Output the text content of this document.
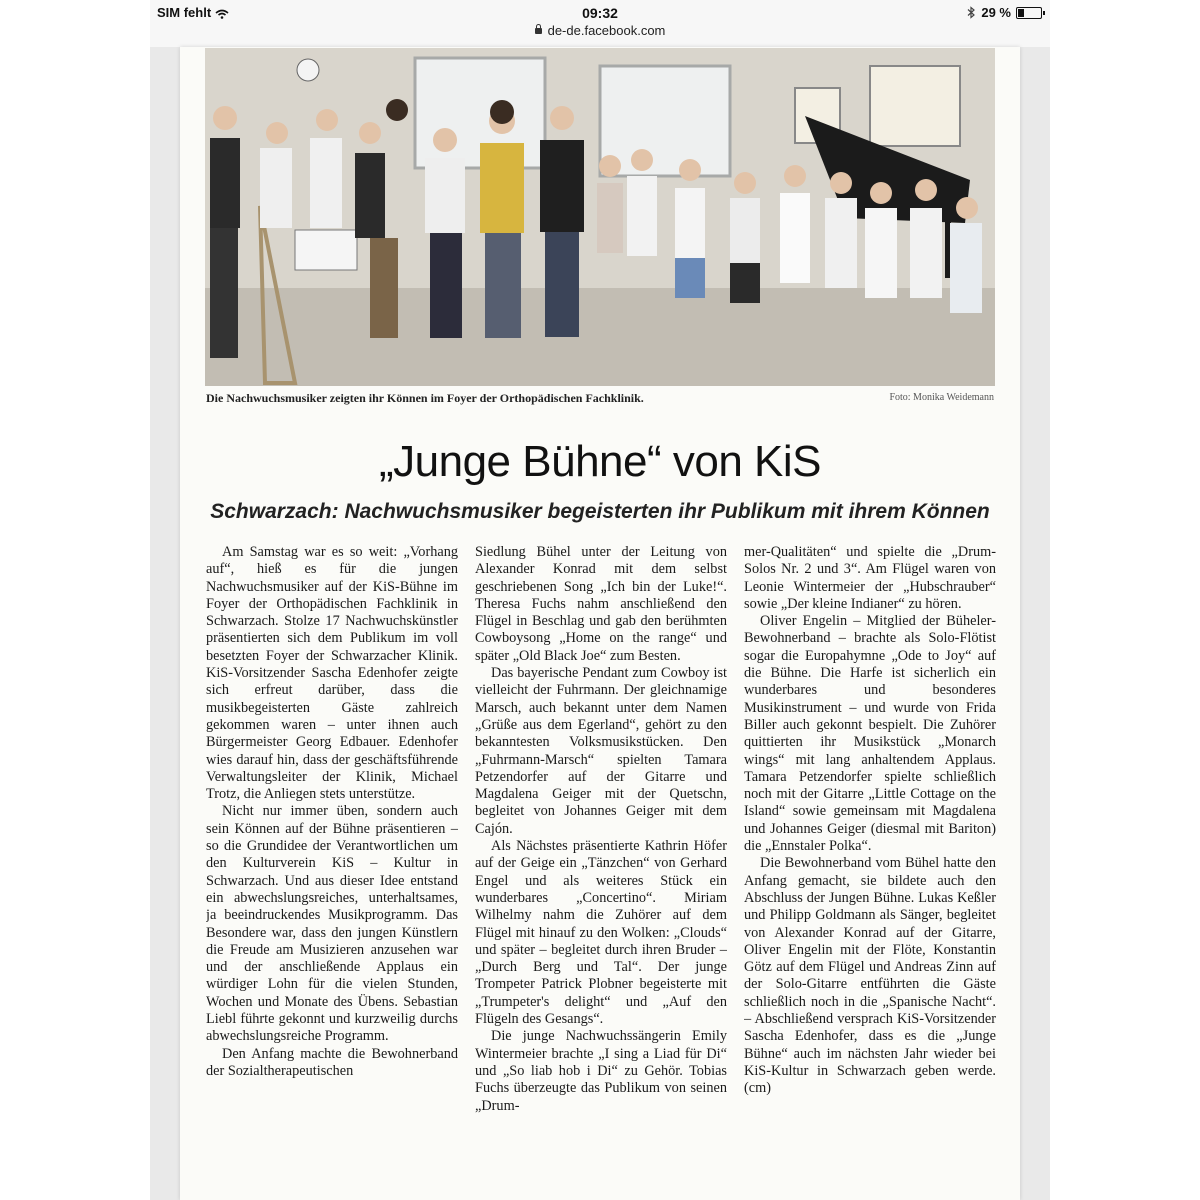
SIM fehlt	09:32	29 %
de-de.facebook.com
Die Nachwuchsmusiker zeigten ihr Können im Foyer der Orthopädischen Fachklinik.	Foto: Monika Weidemann
„Junge Bühne“ von KiS
Schwarzach: Nachwuchsmusiker begeisterten ihr Publikum mit ihrem Können

Am Samstag war es so weit: „Vorhang auf“, hieß es für die jungen Nachwuchsmusiker auf der KiS-Bühne im Foyer der Orthopädischen Fachklinik in Schwarzach. Stolze 17 Nachwuchskünstler präsentierten sich dem Publikum im voll besetzten Foyer der Schwarzacher Klinik. KiS-Vorsitzender Sascha Edenhofer zeigte sich erfreut darüber, dass die musikbegeisterten Gäste zahlreich gekommen waren – unter ihnen auch Bürgermeister Georg Edbauer. Edenhofer wies darauf hin, dass der geschäftsführende Verwaltungsleiter der Klinik, Michael Trotz, die Anliegen stets unterstütze.

Nicht nur immer üben, sondern auch sein Können auf der Bühne präsentieren – so die Grundidee der Verantwortlichen um den Kulturverein KiS – Kultur in Schwarzach. Und aus dieser Idee entstand ein abwechslungsreiches, unterhaltsames, ja beeindruckendes Musikprogramm. Das Besondere war, dass den jungen Künstlern die Freude am Musizieren anzusehen war und der anschließende Applaus ein würdiger Lohn für die vielen Stunden, Wochen und Monate des Übens. Sebastian Liebl führte gekonnt und kurzweilig durchs abwechslungsreiche Programm.

Den Anfang machte die Bewohnerband der Sozialtherapeutischen

Siedlung Bühel unter der Leitung von Alexander Konrad mit dem selbst geschriebenen Song „Ich bin der Luke!“. Theresa Fuchs nahm anschließend den Flügel in Beschlag und gab den berühmten Cowboysong „Home on the range“ und später „Old Black Joe“ zum Besten.

Das bayerische Pendant zum Cowboy ist vielleicht der Fuhrmann. Der gleichnamige Marsch, auch bekannt unter dem Namen „Grüße aus dem Egerland“, gehört zu den bekanntesten Volksmusikstücken. Den „Fuhrmann-Marsch“ spielten Tamara Petzendorfer auf der Gitarre und Magdalena Geiger mit der Quetschn, begleitet von Johannes Geiger mit dem Cajón.

Als Nächstes präsentierte Kathrin Höfer auf der Geige ein „Tänzchen“ von Gerhard Engel und als weiteres Stück ein wunderbares „Concertino“. Miriam Wilhelmy nahm die Zuhörer auf dem Flügel mit hinauf zu den Wolken: „Clouds“ und später – begleitet durch ihren Bruder – „Durch Berg und Tal“. Der junge Trompeter Patrick Plobner begeisterte mit „Trumpeter's delight“ und „Auf den Flügeln des Gesangs“.

Die junge Nachwuchssängerin Emily Wintermeier brachte „I sing a Liad für Di“ und „So liab hob i Di“ zu Gehör. Tobias Fuchs überzeugte das Publikum von seinen „Drum-

mer-Qualitäten“ und spielte die „Drum-Solos Nr. 2 und 3“. Am Flügel waren von Leonie Wintermeier der „Hubschrauber“ sowie „Der kleine Indianer“ zu hören.

Oliver Engelin – Mitglied der Büheler-Bewohnerband – brachte als Solo-Flötist sogar die Europahymne „Ode to Joy“ auf die Bühne. Die Harfe ist sicherlich ein wunderbares und besonderes Musikinstrument – und wurde von Frida Biller auch gekonnt bespielt. Die Zuhörer quittierten ihr Musikstück „Monarch wings“ mit lang anhaltendem Applaus. Tamara Petzendorfer spielte schließlich noch mit der Gitarre „Little Cottage on the Island“ sowie gemeinsam mit Magdalena und Johannes Geiger (diesmal mit Bariton) die „Ennstaler Polka“.

Die Bewohnerband vom Bühel hatte den Anfang gemacht, sie bildete auch den Abschluss der Jungen Bühne. Lukas Keßler und Philipp Goldmann als Sänger, begleitet von Alexander Konrad auf der Gitarre, Oliver Engelin mit der Flöte, Konstantin Götz auf dem Flügel und Andreas Zinn auf der Solo-Gitarre entführten die Gäste schließlich noch in die „Spanische Nacht“. – Abschließend versprach KiS-Vorsitzender Sascha Edenhofer, dass es die „Junge Bühne“ auch im nächsten Jahr wieder bei KiS-Kultur in Schwarzach geben werde. (cm)
